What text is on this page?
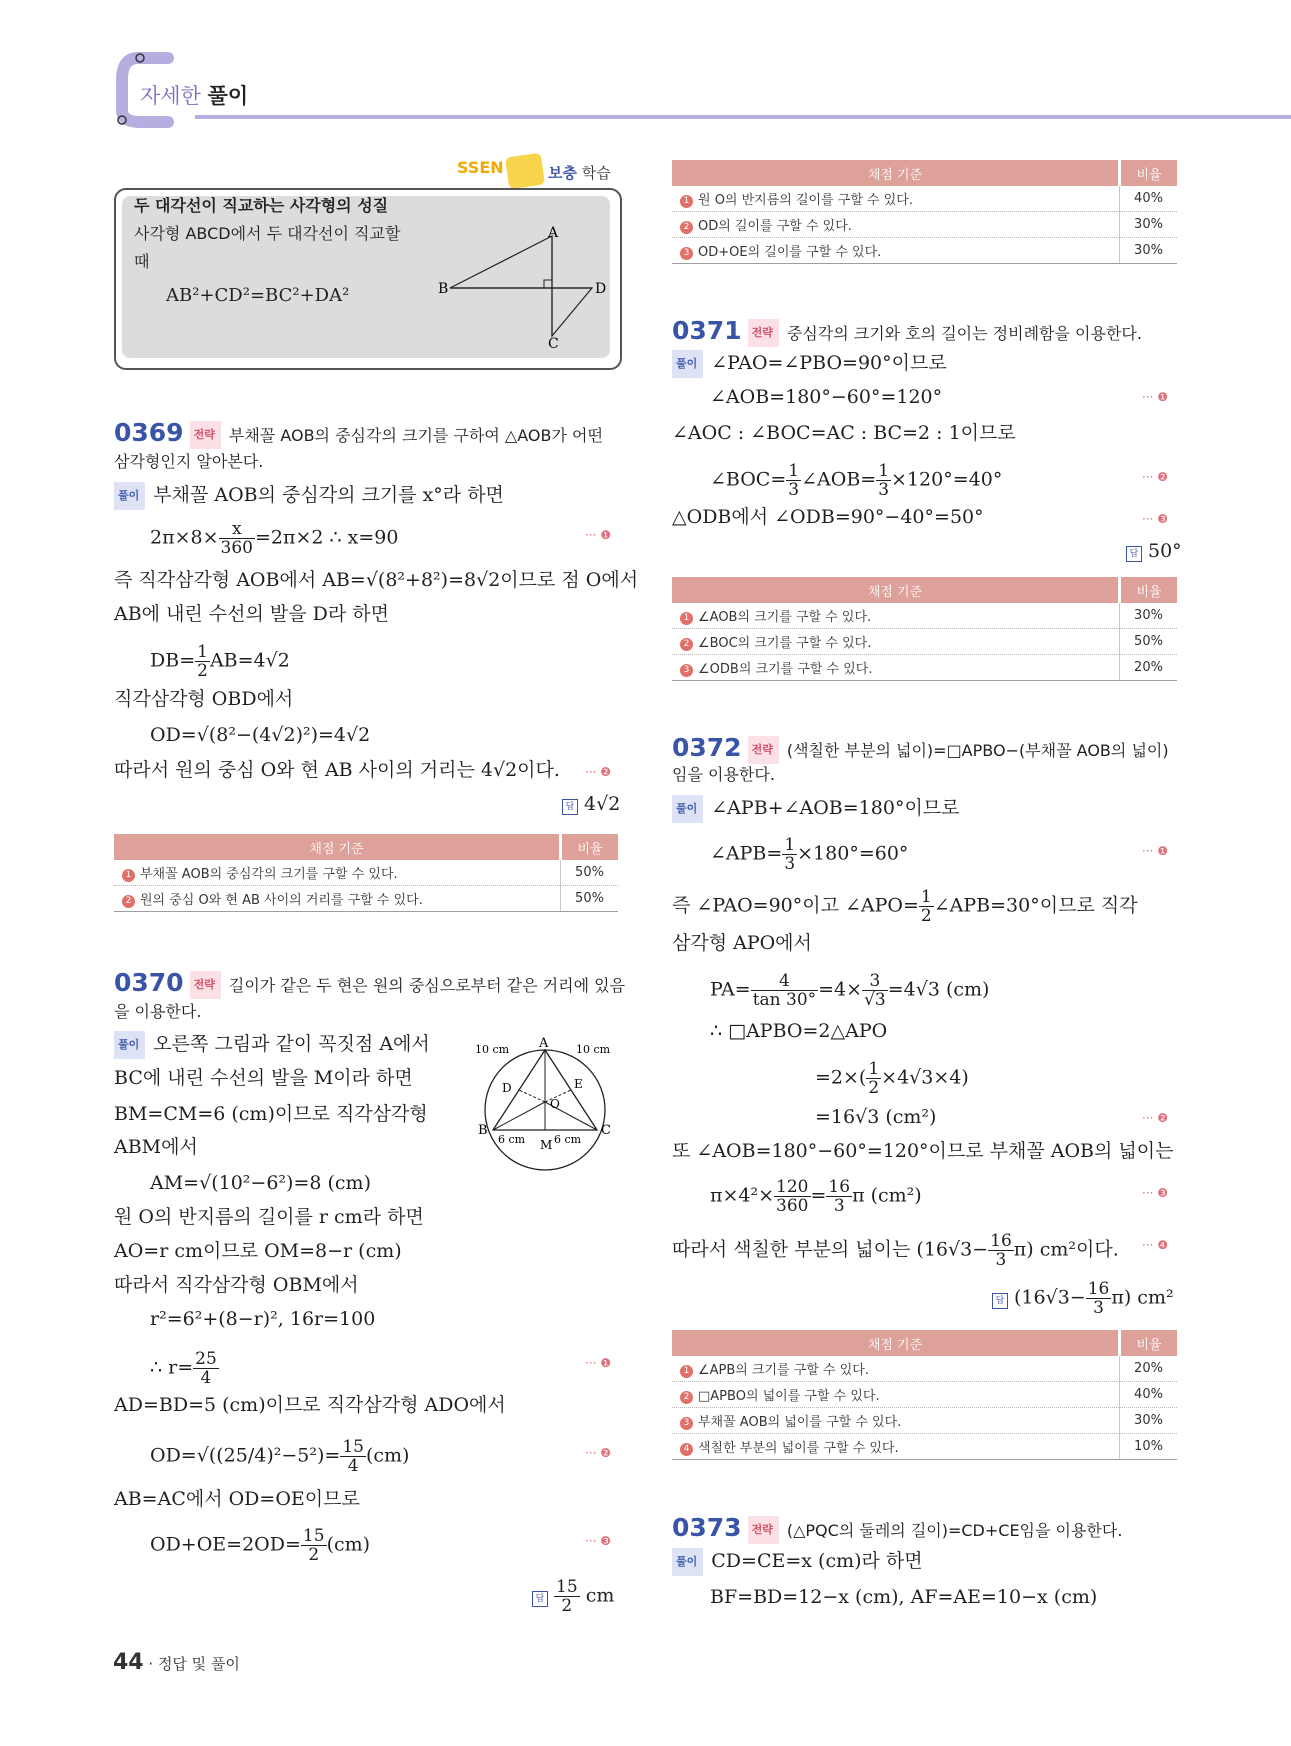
자세한 풀이
SSEN	보충 학습
두 대각선이 직교하는 사각형의 성질
사각형 ABCD에서 두 대각선이 직교할
때
AB²+CD²=BC²+DA²
A
B
C
D
0369 전략 부채꼴 AOB의 중심각의 크기를 구하여 △AOB가 어떤
삼각형인지 알아본다.
풀이 부채꼴 AOB의 중심각의 크기를 x°라 하면
$2\pi\times 8\times \frac{x}{360} =2\pi\times 2$ ∴ x=90	··· ❶
즉 직각삼각형 AOB에서 AB=√(8²+8²)=8√2이므로 점 O에서
AB에 내린 수선의 발을 D라 하면
$DB= \frac{1}{2} AB=4√2$
직각삼각형 OBD에서
OD=√(8²−(4√2)²)=4√2
따라서 원의 중심 O와 현 AB 사이의 거리는 4√2이다. ··· ❷
답 4√2
채점 기준	비율
1 부채꼴 AOB의 중심각의 크기를 구할 수 있다.	50%
2 원의 중심 O와 현 AB 사이의 거리를 구할 수 있다.	50%
0370 전략 길이가 같은 두 현은 원의 중심으로부터 같은 거리에 있음
을 이용한다.
풀이 오른쪽 그림과 같이 꼭짓점 A에서
BC에 내린 수선의 발을 M이라 하면
BM=CM=6 (cm)이므로 직각삼각형
ABM에서
AM=√(10²−6²)=8 (cm)
원 O의 반지름의 길이를 r cm라 하면
AO=r cm이므로 OM=8−r (cm)
따라서 직각삼각형 OBM에서
r²=6²+(8−r)², 16r=100
∴ $r= \frac{25}{4}$	··· ❶
AD=BD=5 (cm)이므로 직각삼각형 ADO에서
$OD=√((25/4)^2-5^2)= \frac{15}{4} (cm)$	··· ❷
AB=AC에서 OD=OE이므로
$OD+OE=2OD= \frac{15}{2} (cm)$	··· ❸
답 $\frac{15}{2}$ cm
A
B	C
D	E
O
M
10 cm	10 cm
6 cm	6 cm
채점 기준	비율
1 원 O의 반지름의 길이를 구할 수 있다.	40%
2 OD의 길이를 구할 수 있다.	30%
3 OD+OE의 길이를 구할 수 있다.	30%
0371 전략 중심각의 크기와 호의 길이는 정비례함을 이용한다.
풀이 ∠PAO=∠PBO=90°이므로
∠AOB=180°−60°=120°	··· ❶
∠AOC : ∠BOC=AC : BC=2 : 1이므로
∠BOC= $\frac{1}{3}$ ∠AOB= $\frac{1}{3} \times 120^\circ=40^\circ$	··· ❷
△ODB에서 ∠ODB=90°−40°=50°	··· ❸
답 50°
채점 기준	비율
1 ∠AOB의 크기를 구할 수 있다.	30%
2 ∠BOC의 크기를 구할 수 있다.	50%
3 ∠ODB의 크기를 구할 수 있다.	20%
0372 전략 (색칠한 부분의 넓이)=□APBO−(부채꼴 AOB의 넓이)
임을 이용한다.
풀이 ∠APB+∠AOB=180°이므로
∠APB= $\frac{1}{3} \times 180^\circ=60^\circ$	··· ❶
즉 ∠PAO=90°이고 ∠APO= $\frac{1}{2}$ ∠APB=30°이므로 직각
삼각형 APO에서
$PA= \frac{4}{\tan 30^\circ} =4\times \frac{3}{√3} =4√3$ (cm)
∴ □APBO=2△APO
$=2\times( \frac{1}{2} \times 4√3\times 4)$
=16√3 (cm²)	··· ❷
또 ∠AOB=180°−60°=120°이므로 부채꼴 AOB의 넓이는
$\pi\times 4^2\times \frac{120}{360} = \frac{16}{3}$ π (cm²)	··· ❸
따라서 색칠한 부분의 넓이는 $(16√3- \frac{16}{3} \pi)$ cm²이다. ··· ❹
답 $(16√3- \frac{16}{3} \pi)$ cm²
채점 기준	비율
1 ∠APB의 크기를 구할 수 있다.	20%
2 □APBO의 넓이를 구할 수 있다.	40%
3 부채꼴 AOB의 넓이를 구할 수 있다.	30%
4 색칠한 부분의 넓이를 구할 수 있다.	10%
0373 전략 (△PQC의 둘레의 길이)=CD+CE임을 이용한다.
풀이 CD=CE=x (cm)라 하면
BF=BD=12−x (cm), AF=AE=10−x (cm)
44 · 정답 및 풀이
